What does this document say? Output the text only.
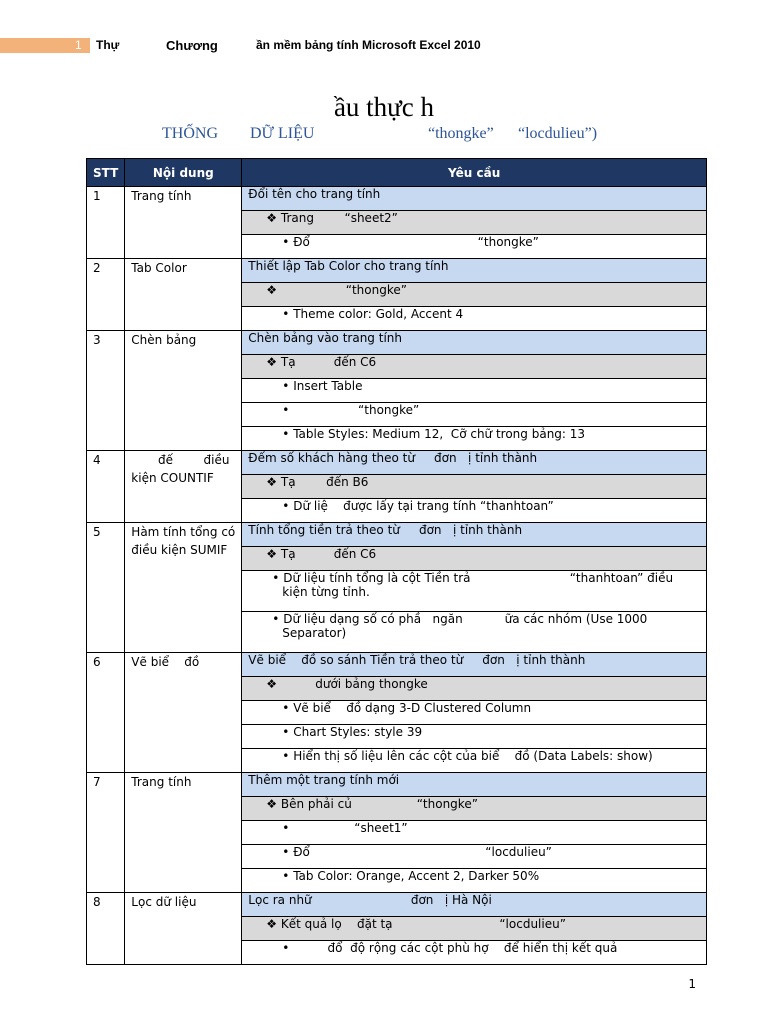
1 Thự	Chương	ần mềm bảng tính Microsoft Excel 2010
ầu thực h
THỐNG DỮ LIỆU	“thongke” “locdulieu”)
STT	Nội dung	Yêu cầu
1	Trang tính	Đổi tên cho trang tính

		❖ Trang        “sheet2”

		• Đổ                                            “thongke”

2	Tab Color	Thiết lập Tab Color cho trang tính

		❖                  “thongke”

		• Theme color: Gold, Accent 4

3	Chèn bảng	Chèn bảng vào trang tính

		❖ Tạ          đến C6

		• Insert Table

		•                  “thongke”

		• Table Styles: Medium 12,  Cỡ chữ trong bảng: 13

4	đế        điều kiện COUNTIF	Đếm số khách hàng theo từ     đơn   ị tỉnh thành

		❖ Tạ        đến B6

		• Dữ liệ    được lấy tại trang tính “thanhtoan”

5	Hàm tính tổng có điều kiện SUMIF	Tính tổng tiền trả theo từ     đơn   ị tỉnh thành

		❖ Tạ          đến C6

		• Dữ liệu tính tổng là cột Tiền trả                          “thanhtoan” điều kiện từng tỉnh.

		• Dữ liệu dạng số có phầ   ngăn           ữa các nhóm (Use 1000 Separator)

6	Vẽ biể    đồ	Vẽ biể    đồ so sánh Tiền trả theo từ     đơn   ị tỉnh thành

		❖          dưới bảng thongke

		• Vẽ biể    đồ dạng 3-D Clustered Column

		• Chart Styles: style 39

		• Hiển thị số liệu lên các cột của biể    đồ (Data Labels: show)

7	Trang tính	Thêm một trang tính mới

		❖ Bên phải củ                 “thongke”

		•                 “sheet1”

		• Đổ                                              “locdulieu”

		• Tab Color: Orange, Accent 2, Darker 50%

8	Lọc dữ liệu	Lọc ra nhữ                          đơn   ị Hà Nội

		❖ Kết quả lọ    đặt tạ                            “locdulieu”

		•          đổ  độ rộng các cột phù hợ    để hiển thị kết quả
1
